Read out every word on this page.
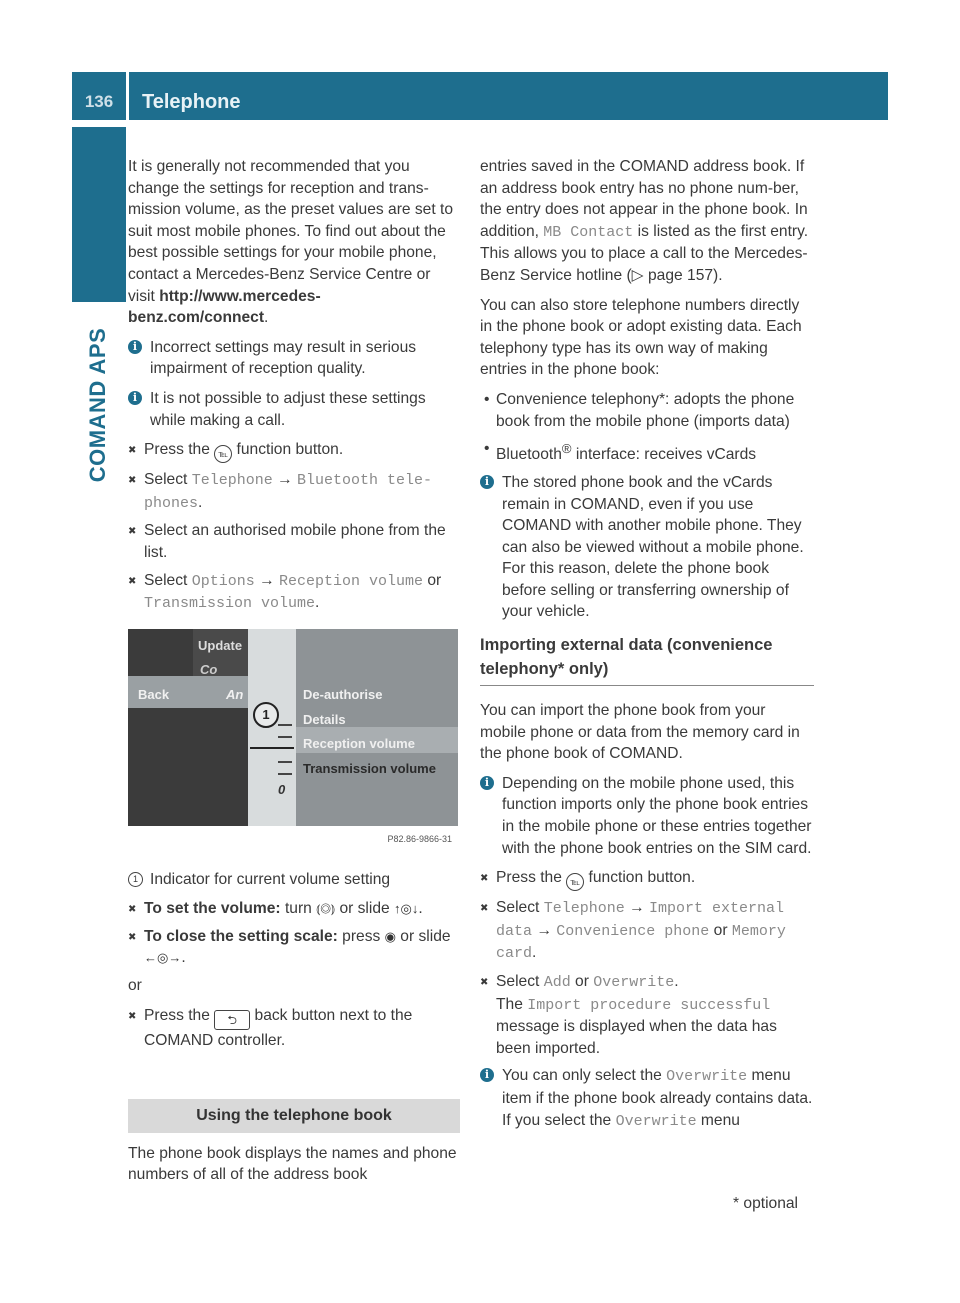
136 Telephone
COMAND APS

It is generally not recommended that you change the settings for reception and trans-mission volume, as the preset values are set to suit most mobile phones. To find out about the best possible settings for your mobile phone, contact a Mercedes-Benz Service Centre or visit http://www.mercedes-benz.com/connect.

i Incorrect settings may result in serious impairment of reception quality.
i It is not possible to adjust these settings while making a call.
✖ Press the ℡ function button.
✖ Select Telephone → Bluetooth tele-phones.
✖ Select an authorised mobile phone from the list.
✖ Select Options → Reception volume or Transmission volume.
Update
Co
Back	An	De-authorise
Details
Reception volume
Transmission volume
1
0
P82.86-9866-31
1 Indicator for current volume setting
✖ To set the volume: turn ⦅◎⦆ or slide ↑◎↓.
✖ To close the setting scale: press ◉ or slide ←◎→.

or

✖ Press the ⮌ back button next to the COMAND controller.
Using the telephone book

The phone book displays the names and phone numbers of all of the address book

entries saved in the COMAND address book. If an address book entry has no phone num-ber, the entry does not appear in the phone book. In addition, MB Contact is listed as the first entry. This allows you to place a call to the Mercedes-Benz Service hotline (▷ page 157).

You can also store telephone numbers directly in the phone book or adopt existing data. Each telephony type has its own way of making entries in the phone book:

• Convenience telephony*: adopts the phone book from the mobile phone (imports data)
• Bluetooth® interface: receives vCards
i The stored phone book and the vCards remain in COMAND, even if you use COMAND with another mobile phone. They can also be viewed without a mobile phone. For this reason, delete the phone book before selling or transferring ownership of your vehicle.
Importing external data (convenience telephony* only)

You can import the phone book from your mobile phone or data from the memory card in the phone book of COMAND.

i Depending on the mobile phone used, this function imports only the phone book entries in the mobile phone or these entries together with the phone book entries on the SIM card.
✖ Press the ℡ function button.
✖ Select Telephone → Import external data → Convenience phone or Memory card.
✖ Select Add or Overwrite.
The Import procedure successful message is displayed when the data has been imported.
i You can only select the Overwrite menu item if the phone book already contains data. If you select the Overwrite menu
* optional
